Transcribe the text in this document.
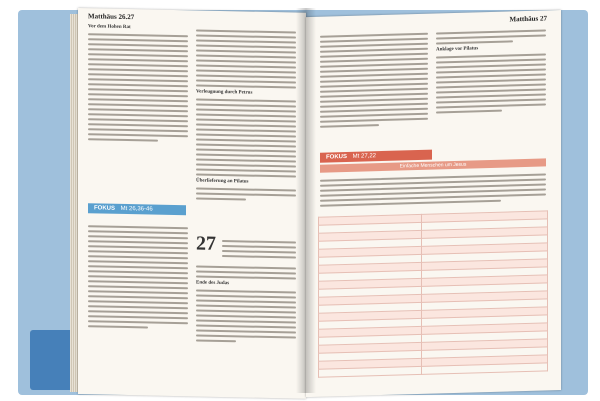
Matthäus 26.27
Vor dem Hohen Rat
FOKUS Mt 26,36-46
Verleugnung durch Petrus
Überlieferung an Pilatus
27
Ende des Judas
Matthäus 27
Anklage vor Pilatus
FOKUS Mt 27,22
Einfache Menschen um Jesus
